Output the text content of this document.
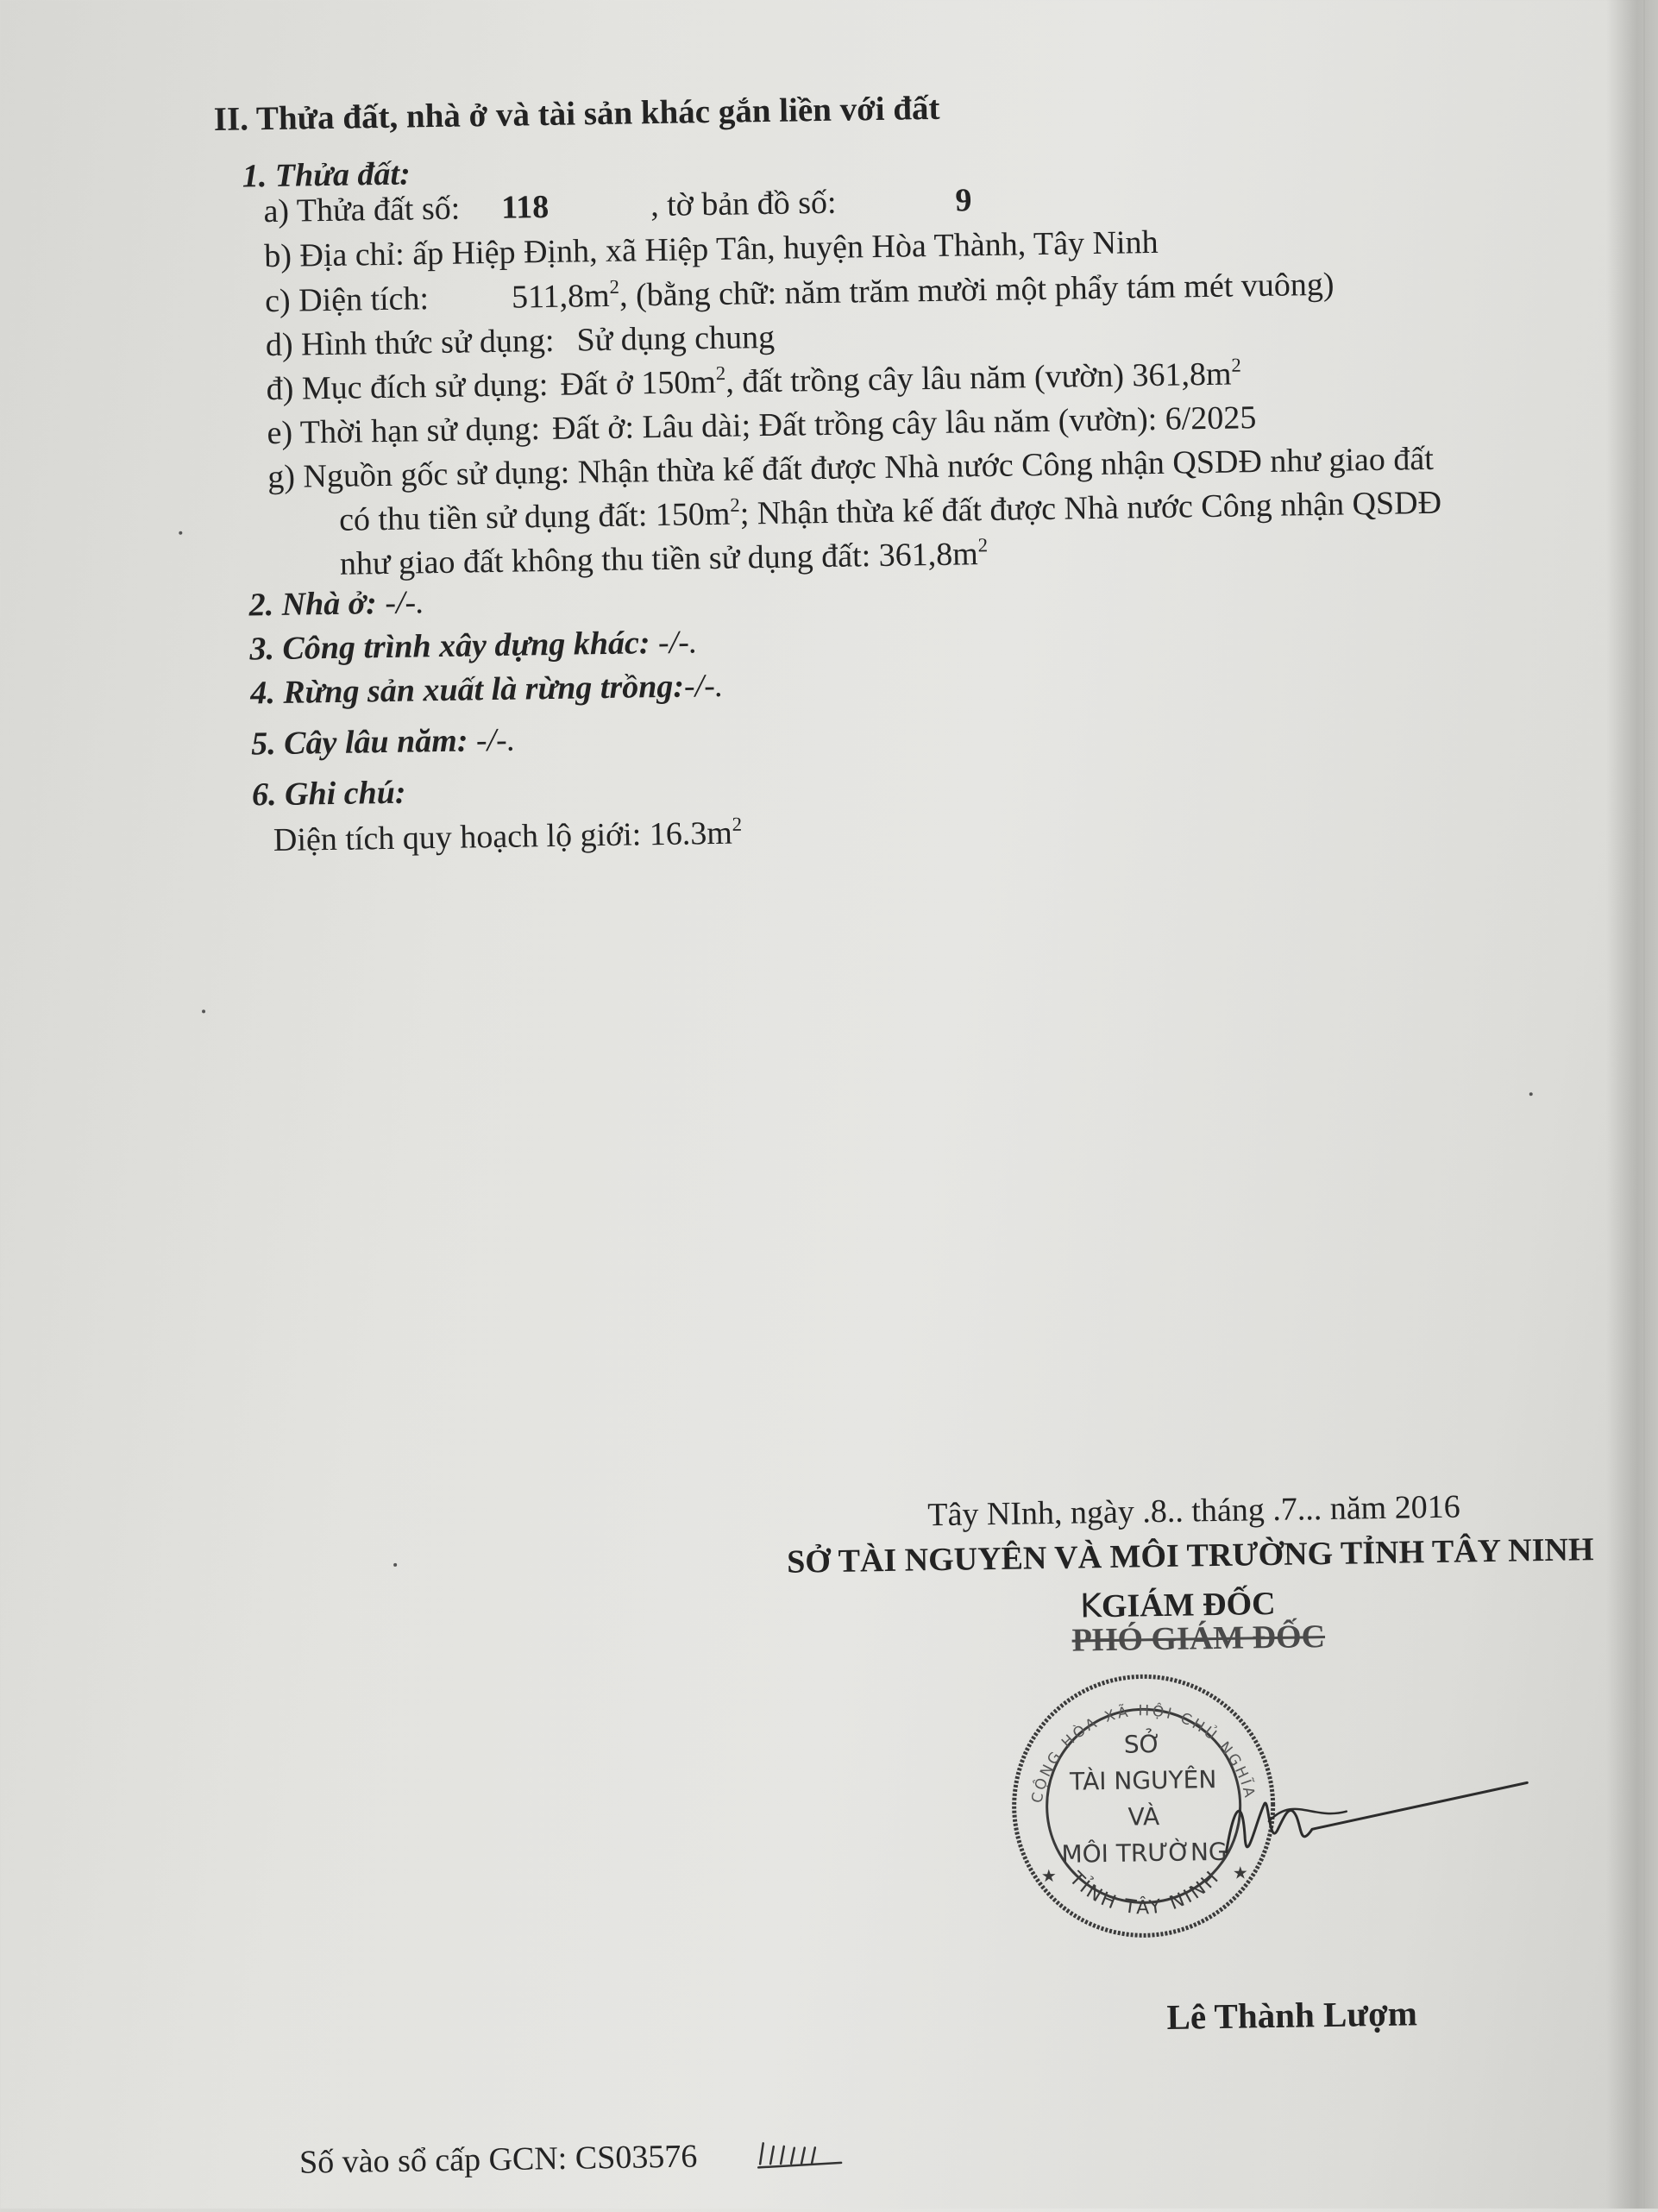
II. Thửa đất, nhà ở và tài sản khác gắn liền với đất
1. Thửa đất:
a) Thửa đất số: 118	, tờ bản đồ số:	9
b) Địa chỉ: ấp Hiệp Định, xã Hiệp Tân, huyện Hòa Thành, Tây Ninh
c) Diện tích:	$511,8m^2$, (bằng chữ: năm trăm mười một phẩy tám mét vuông)
d) Hình thức sử dụng: Sử dụng chung
đ) Mục đích sử dụng: Đất ở $150m^2$, đất trồng cây lâu năm (vườn) $361,8m^2$
e) Thời hạn sử dụng: Đất ở: Lâu dài; Đất trồng cây lâu năm (vườn): 6/2025
g) Nguồn gốc sử dụng: Nhận thừa kế đất được Nhà nước Công nhận QSDĐ như giao đất
có thu tiền sử dụng đất: $150m^2$; Nhận thừa kế đất được Nhà nước Công nhận QSDĐ
như giao đất không thu tiền sử dụng đất: $361,8m^2$
2. Nhà ở: -/-.
3. Công trình xây dựng khác: -/-.
4. Rừng sản xuất là rừng trồng:-/-.
5. Cây lâu năm: -/-.
6. Ghi chú:
Diện tích quy hoạch lộ giới: $16.3m^2$
Tây NInh, ngày .8.. tháng .7... năm 2016
SỞ TÀI NGUYÊN VÀ MÔI TRƯỜNG TỈNH TÂY NINH
KGIÁM ĐỐC
PHÓ GIÁM ĐỐC
CỘNG HÒA XÃ HỘI CHỦ NGHĨA
TỈNH TÂY NINH
SỞ
TÀI NGUYÊN
VÀ
MÔI TRƯỜNG
★	★
Lê Thành Lượm
Số vào sổ cấp GCN: CS03576
